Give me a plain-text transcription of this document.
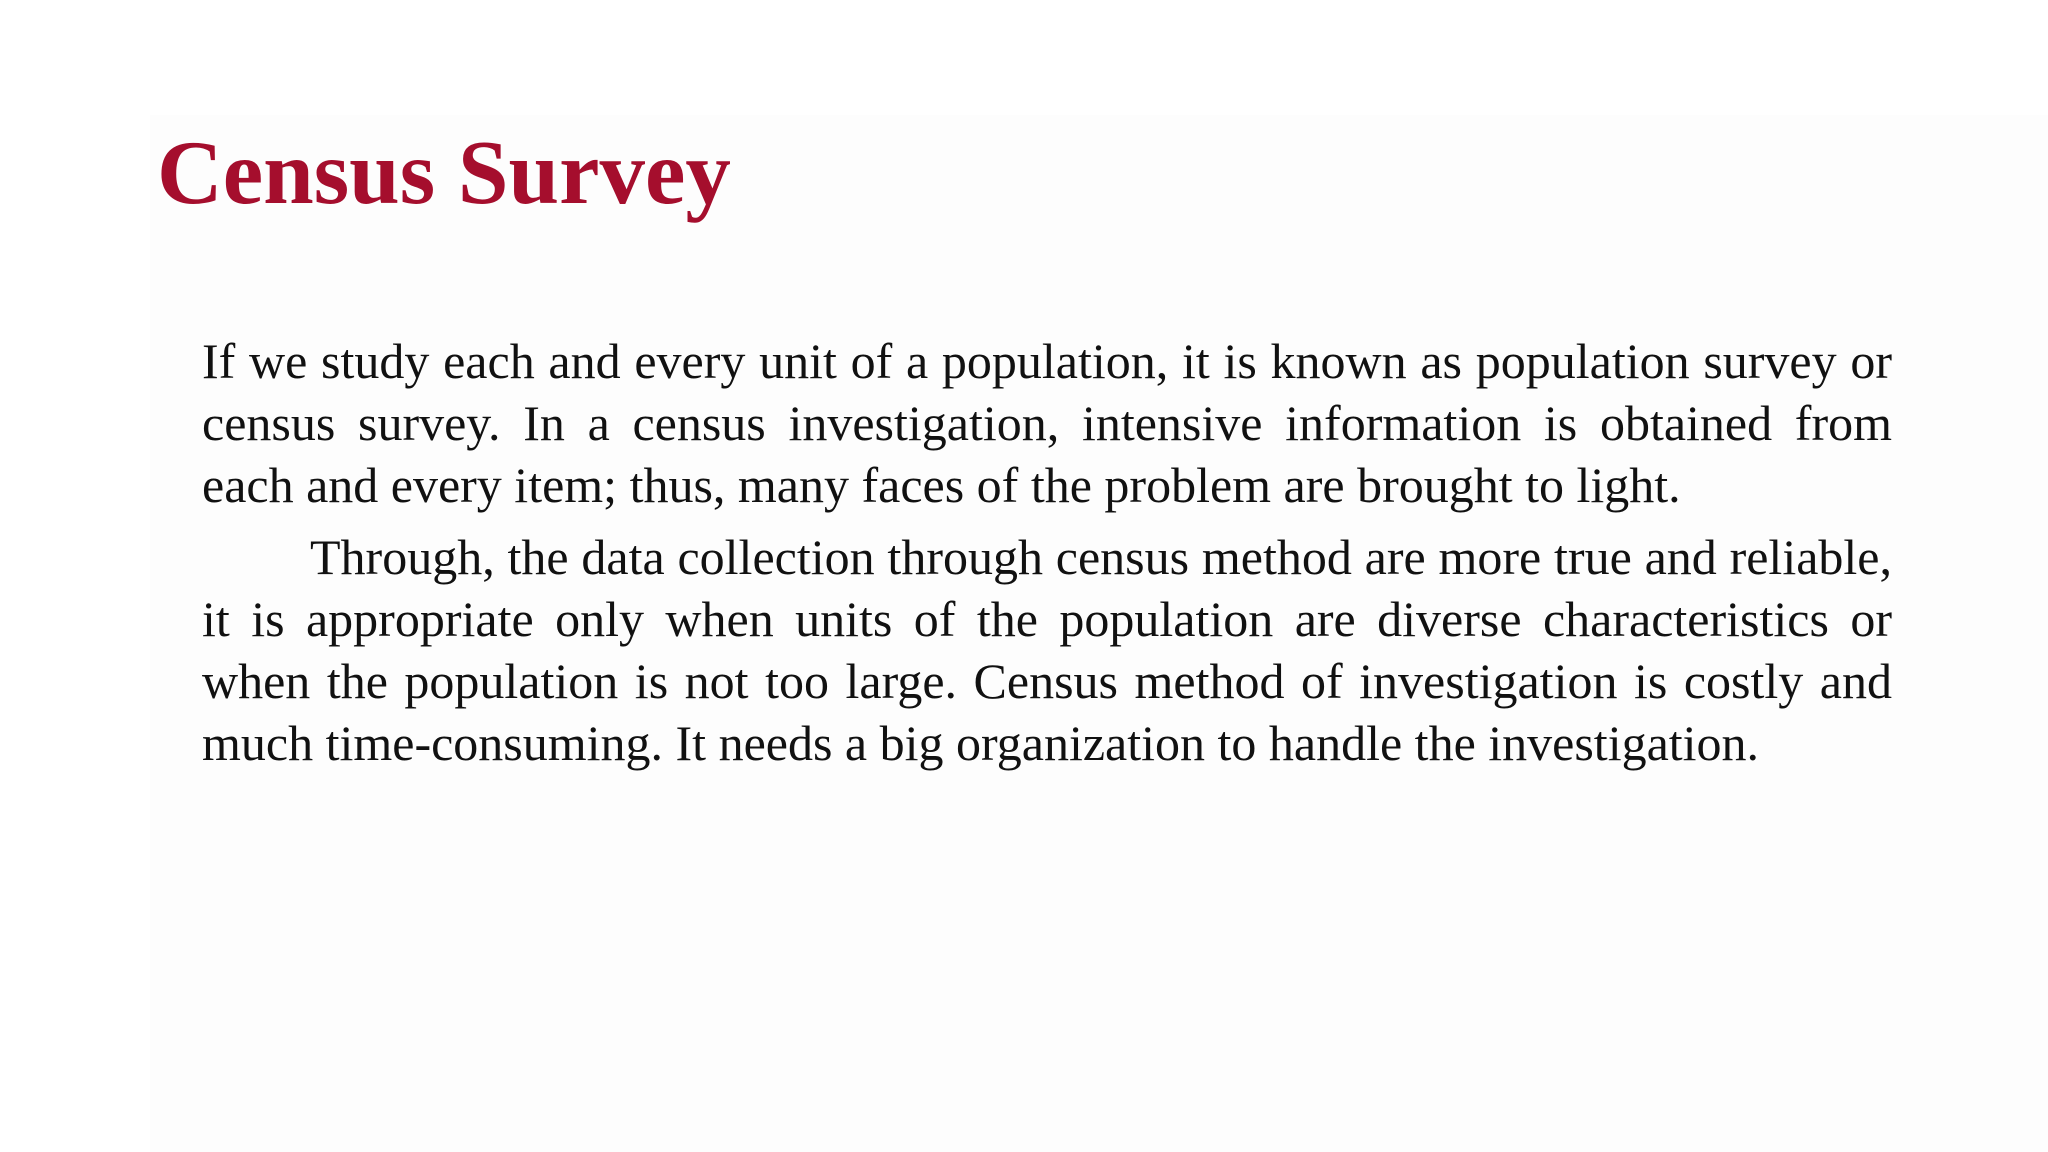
Census Survey

If we study each and every unit of a population, it is known as population survey or census survey. In a census investigation, intensive information is obtained from each and every item; thus, many faces of the problem are brought to light.

Through, the data collection through census method are more true and reliable, it is appropriate only when units of the population are diverse characteristics or when the population is not too large. Census method of investigation is costly and much time-consuming. It needs a big organization to handle the investigation.
